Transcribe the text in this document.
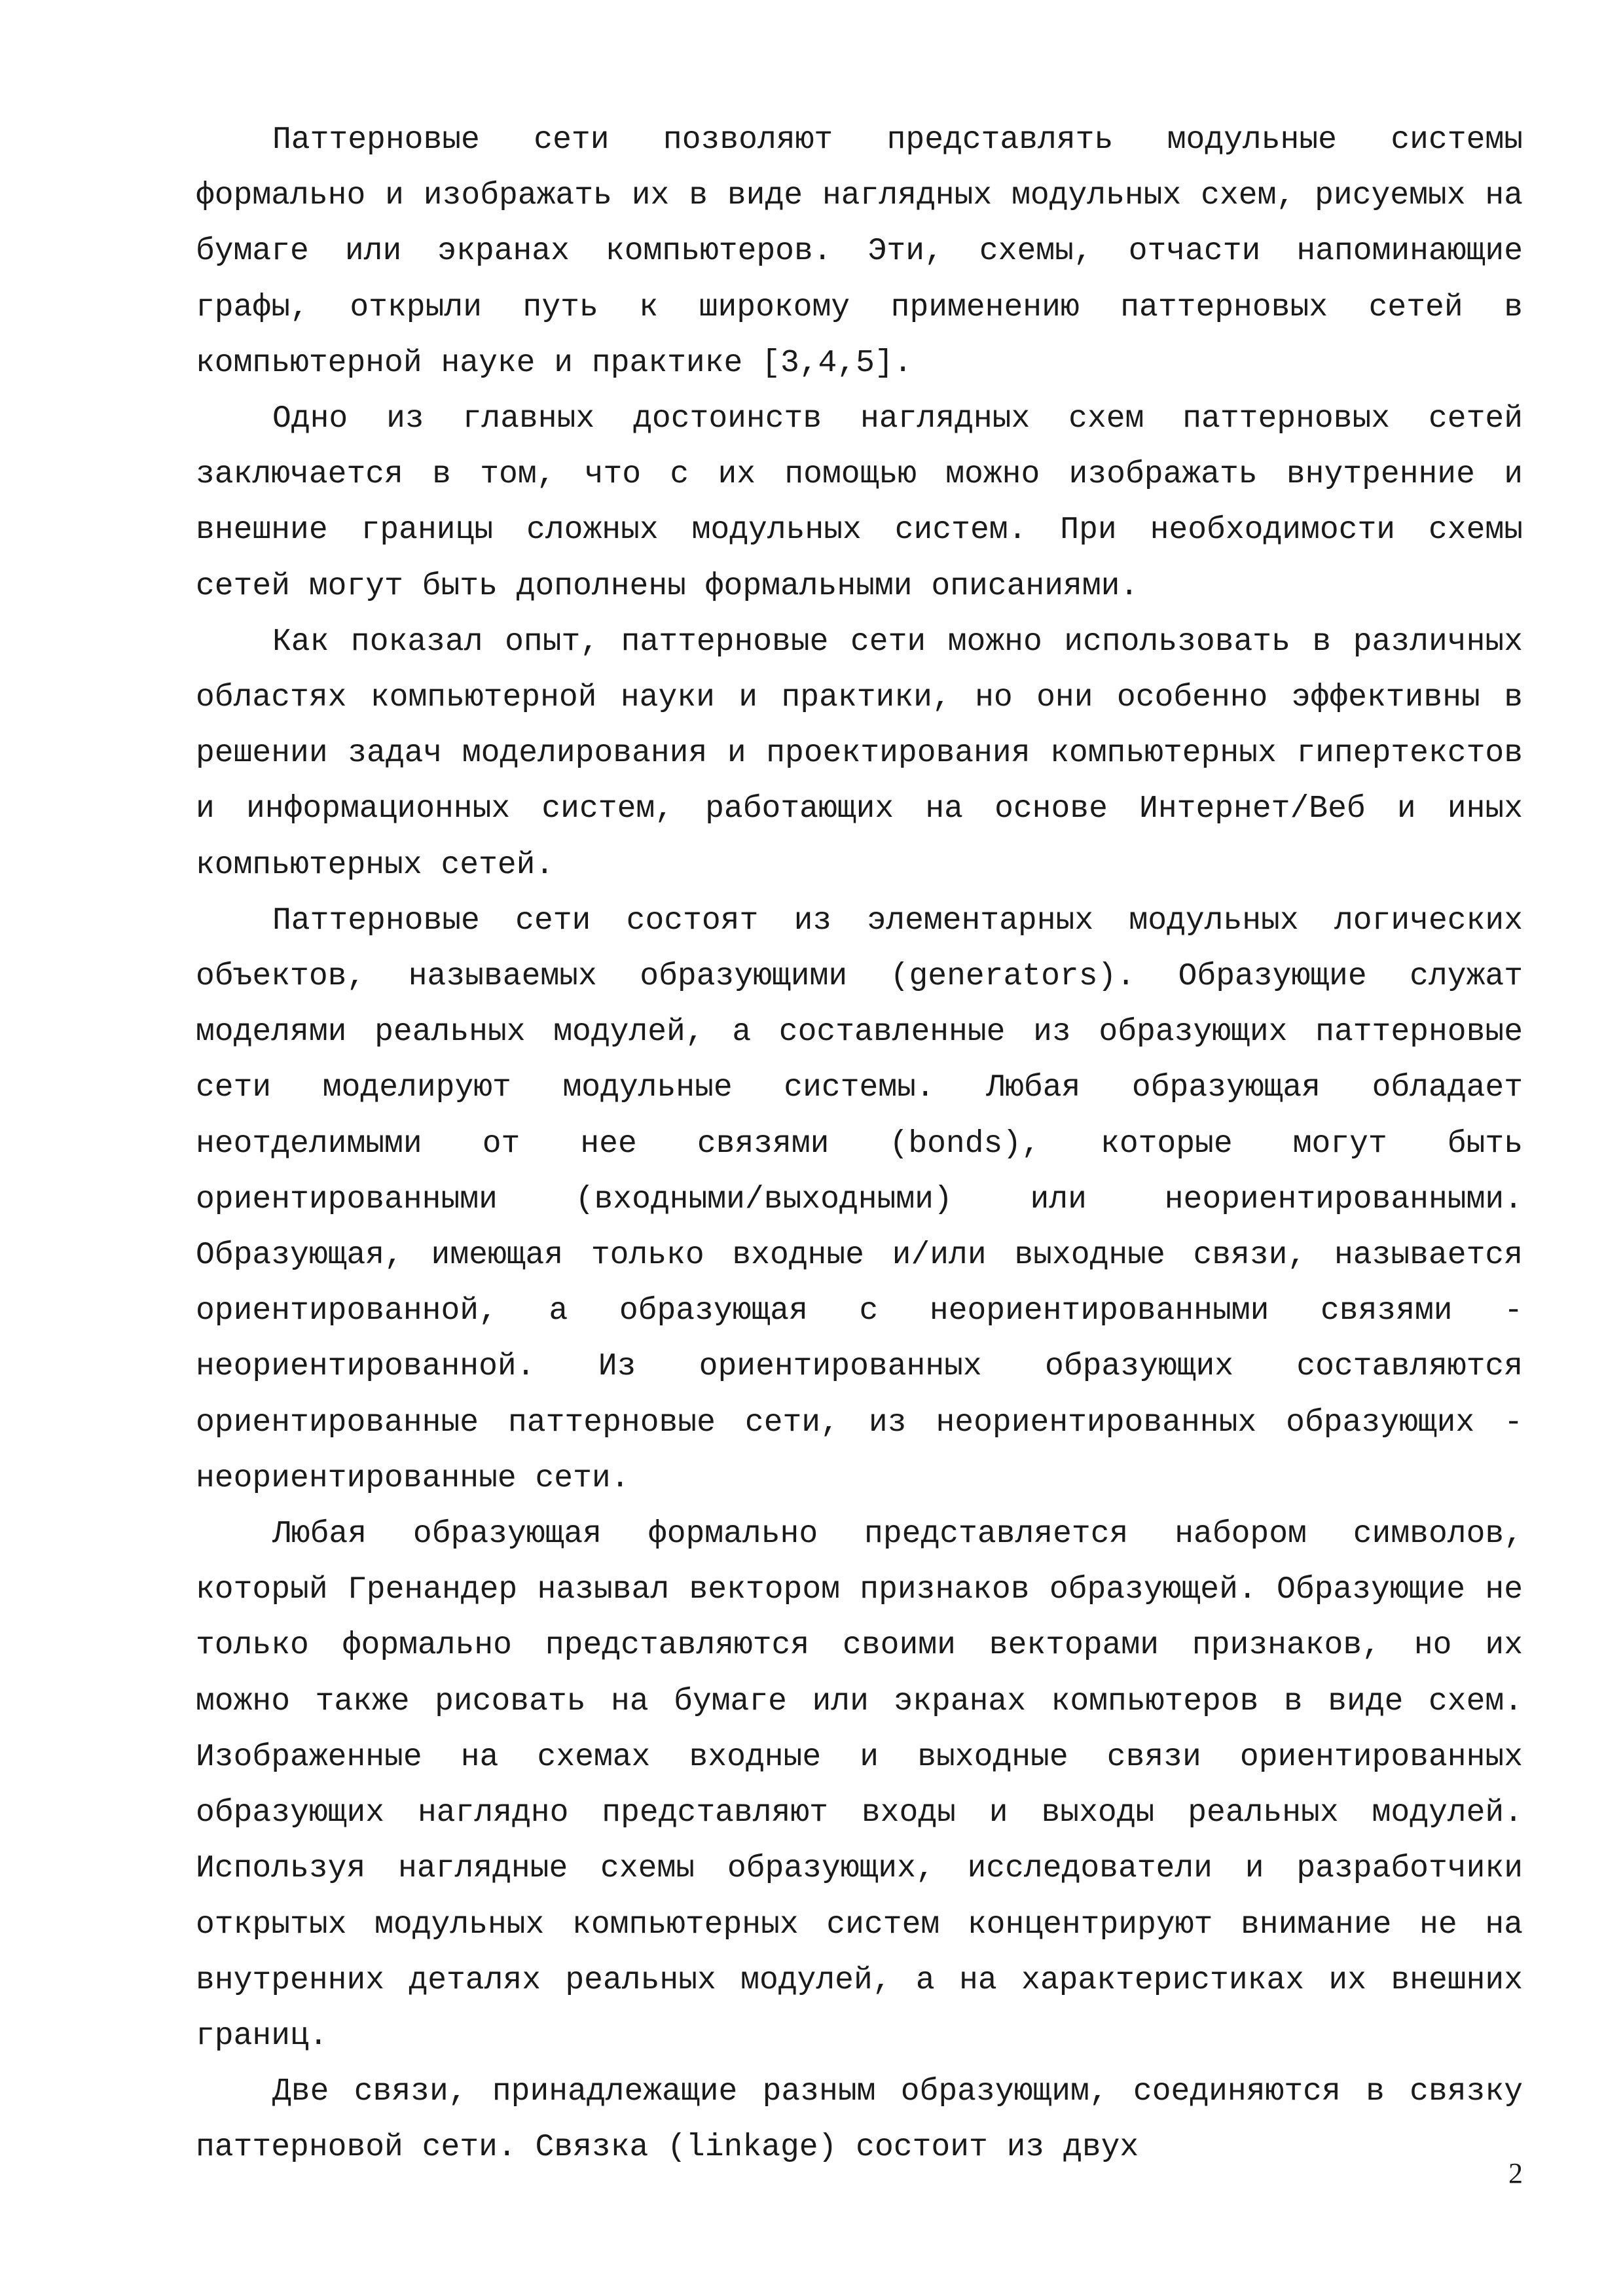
Паттерновые сети позволяют представлять модульные системы формально и изображать их в виде наглядных модульных схем, рисуемых на бумаге или экранах компьютеров. Эти, схемы, отчасти напоминающие графы, открыли путь к широкому применению паттерновых сетей в компьютерной науке и практике [3,4,5].

Одно из главных достоинств наглядных схем паттерновых сетей заключается в том, что с их помощью можно изображать внутренние и внешние границы сложных модульных систем. При необходимости схемы сетей могут быть дополнены формальными описаниями.

Как показал опыт, паттерновые сети можно использовать в различных областях компьютерной науки и практики, но они особенно эффективны в решении задач моделирования и проектирования компьютерных гипертекстов и информационных систем, работающих на основе Интернет/Веб и иных компьютерных сетей.

Паттерновые сети состоят из элементарных модульных логических объектов, называемых образующими (generators). Образующие служат моделями реальных модулей, а составленные из образующих паттерновые сети моделируют модульные системы. Любая образующая обладает неотделимыми от нее связями (bonds), которые могут быть ориентированными (входными/выходными) или неориентированными. Образующая, имеющая только входные и/или выходные связи, называется ориентированной, а образующая с неориентированными связями - неориентированной. Из ориентированных образующих составляются ориентированные паттерновые сети, из неориентированных образующих - неориентированные сети.

Любая образующая формально представляется набором символов, который Гренандер называл вектором признаков образующей. Образующие не только формально представляются своими векторами признаков, но их можно также рисовать на бумаге или экранах компьютеров в виде схем. Изображенные на схемах входные и выходные связи ориентированных образующих наглядно представляют входы и выходы реальных модулей. Используя наглядные схемы образующих, исследователи и разработчики открытых модульных компьютерных систем концентрируют внимание не на внутренних деталях реальных модулей, а на характеристиках их внешних границ.

Две связи, принадлежащие разным образующим, соединяются в связку паттерновой сети. Связка (linkage) состоит из двух

2
